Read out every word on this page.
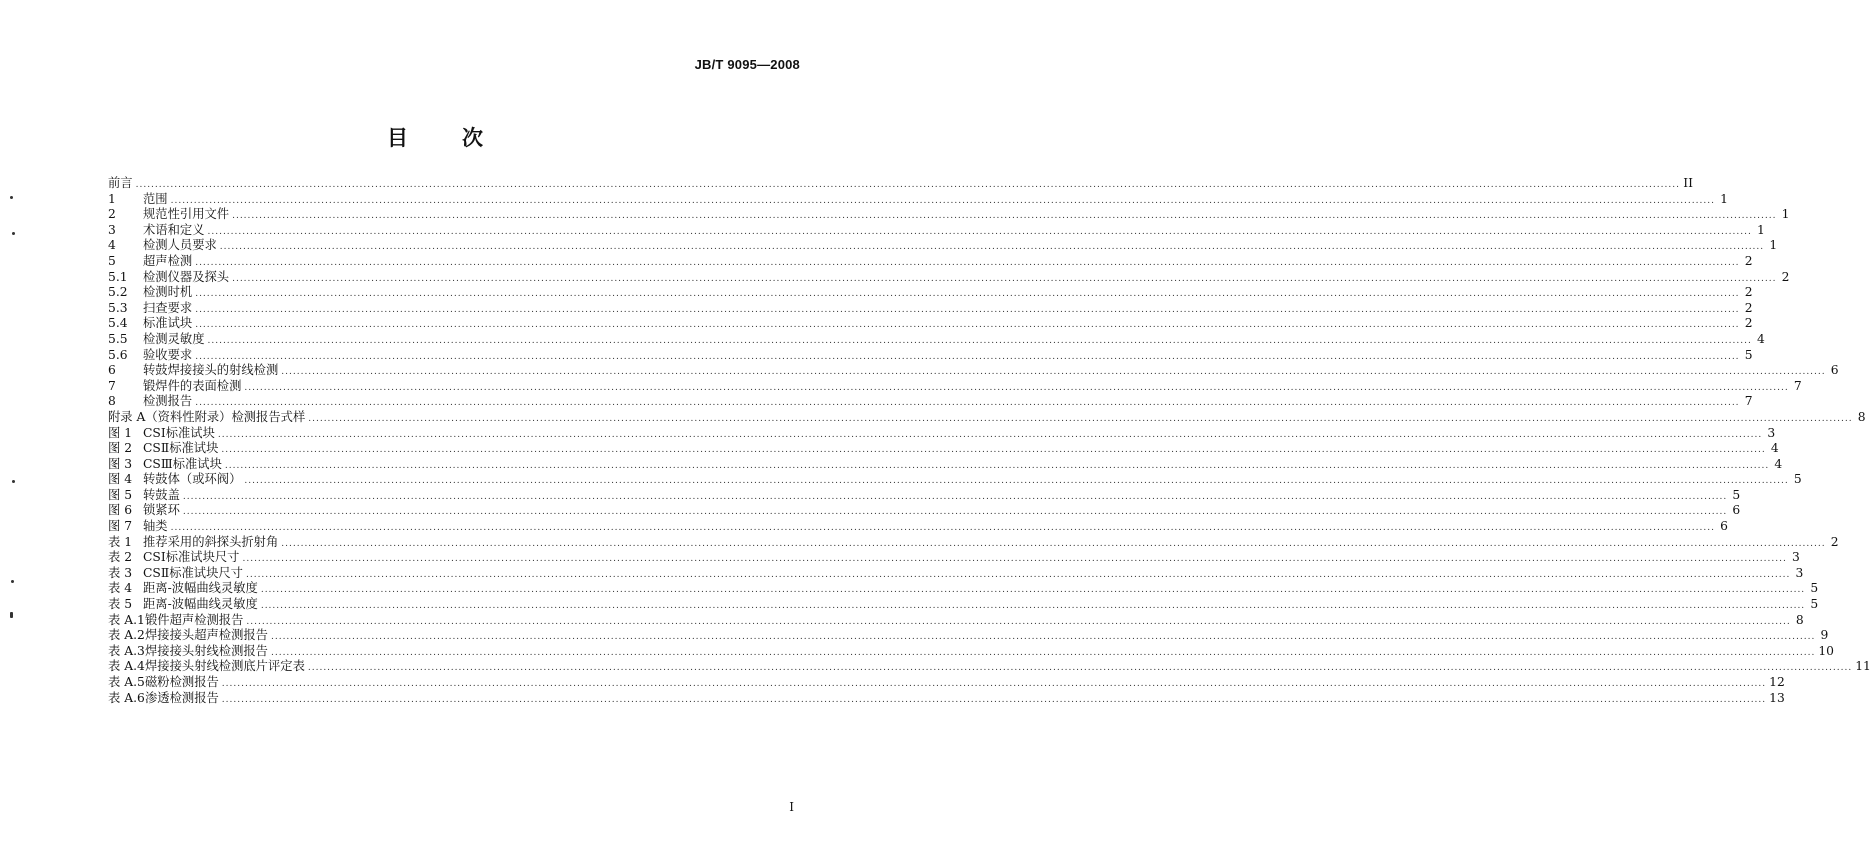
JB/T 9095—2008
目	次
前言 ................................................................................................................................................................................................................................................................................................................................................................................................................ II
1	范围 ................................................................................................................................................................................................................................................................................................................................................................................................................ 1
2	规范性引用文件 ................................................................................................................................................................................................................................................................................................................................................................................................................ 1
3	术语和定义 ................................................................................................................................................................................................................................................................................................................................................................................................................ 1
4	检测人员要求 ................................................................................................................................................................................................................................................................................................................................................................................................................ 1
5	超声检测 ................................................................................................................................................................................................................................................................................................................................................................................................................ 2
5.1	检测仪器及探头 ................................................................................................................................................................................................................................................................................................................................................................................................................ 2
5.2	检测时机 ................................................................................................................................................................................................................................................................................................................................................................................................................ 2
5.3	扫查要求 ................................................................................................................................................................................................................................................................................................................................................................................................................ 2
5.4	标准试块 ................................................................................................................................................................................................................................................................................................................................................................................................................ 2
5.5	检测灵敏度 ................................................................................................................................................................................................................................................................................................................................................................................................................ 4
5.6	验收要求 ................................................................................................................................................................................................................................................................................................................................................................................................................ 5
6	转鼓焊接接头的射线检测 ................................................................................................................................................................................................................................................................................................................................................................................................................ 6
7	锻焊件的表面检测 ................................................................................................................................................................................................................................................................................................................................................................................................................ 7
8	检测报告 ................................................................................................................................................................................................................................................................................................................................................................................................................ 7
附录 A（资料性附录）检测报告式样 ................................................................................................................................................................................................................................................................................................................................................................................................................ 8
图 1 CSⅠ标准试块 ................................................................................................................................................................................................................................................................................................................................................................................................................ 3
图 2 CSⅡ标准试块 ................................................................................................................................................................................................................................................................................................................................................................................................................ 4
图 3 CSⅢ标准试块 ................................................................................................................................................................................................................................................................................................................................................................................................................ 4
图 4 转鼓体（或环阀） ................................................................................................................................................................................................................................................................................................................................................................................................................ 5
图 5 转鼓盖 ................................................................................................................................................................................................................................................................................................................................................................................................................ 5
图 6 锁紧环 ................................................................................................................................................................................................................................................................................................................................................................................................................ 6
图 7 轴类 ................................................................................................................................................................................................................................................................................................................................................................................................................ 6
表 1 推荐采用的斜探头折射角 ................................................................................................................................................................................................................................................................................................................................................................................................................ 2
表 2 CSⅠ标准试块尺寸 ................................................................................................................................................................................................................................................................................................................................................................................................................ 3
表 3 CSⅡ标准试块尺寸 ................................................................................................................................................................................................................................................................................................................................................................................................................ 3
表 4 距离-波幅曲线灵敏度 ................................................................................................................................................................................................................................................................................................................................................................................................................ 5
表 5 距离-波幅曲线灵敏度 ................................................................................................................................................................................................................................................................................................................................................................................................................ 5
表 A.1 锻件超声检测报告 ................................................................................................................................................................................................................................................................................................................................................................................................................ 8
表 A.2 焊接接头超声检测报告 ................................................................................................................................................................................................................................................................................................................................................................................................................ 9
表 A.3 焊接接头射线检测报告 ................................................................................................................................................................................................................................................................................................................................................................................................................ 10
表 A.4 焊接接头射线检测底片评定表 ................................................................................................................................................................................................................................................................................................................................................................................................................ 11
表 A.5 磁粉检测报告 ................................................................................................................................................................................................................................................................................................................................................................................................................ 12
表 A.6 渗透检测报告 ................................................................................................................................................................................................................................................................................................................................................................................................................ 13
I
